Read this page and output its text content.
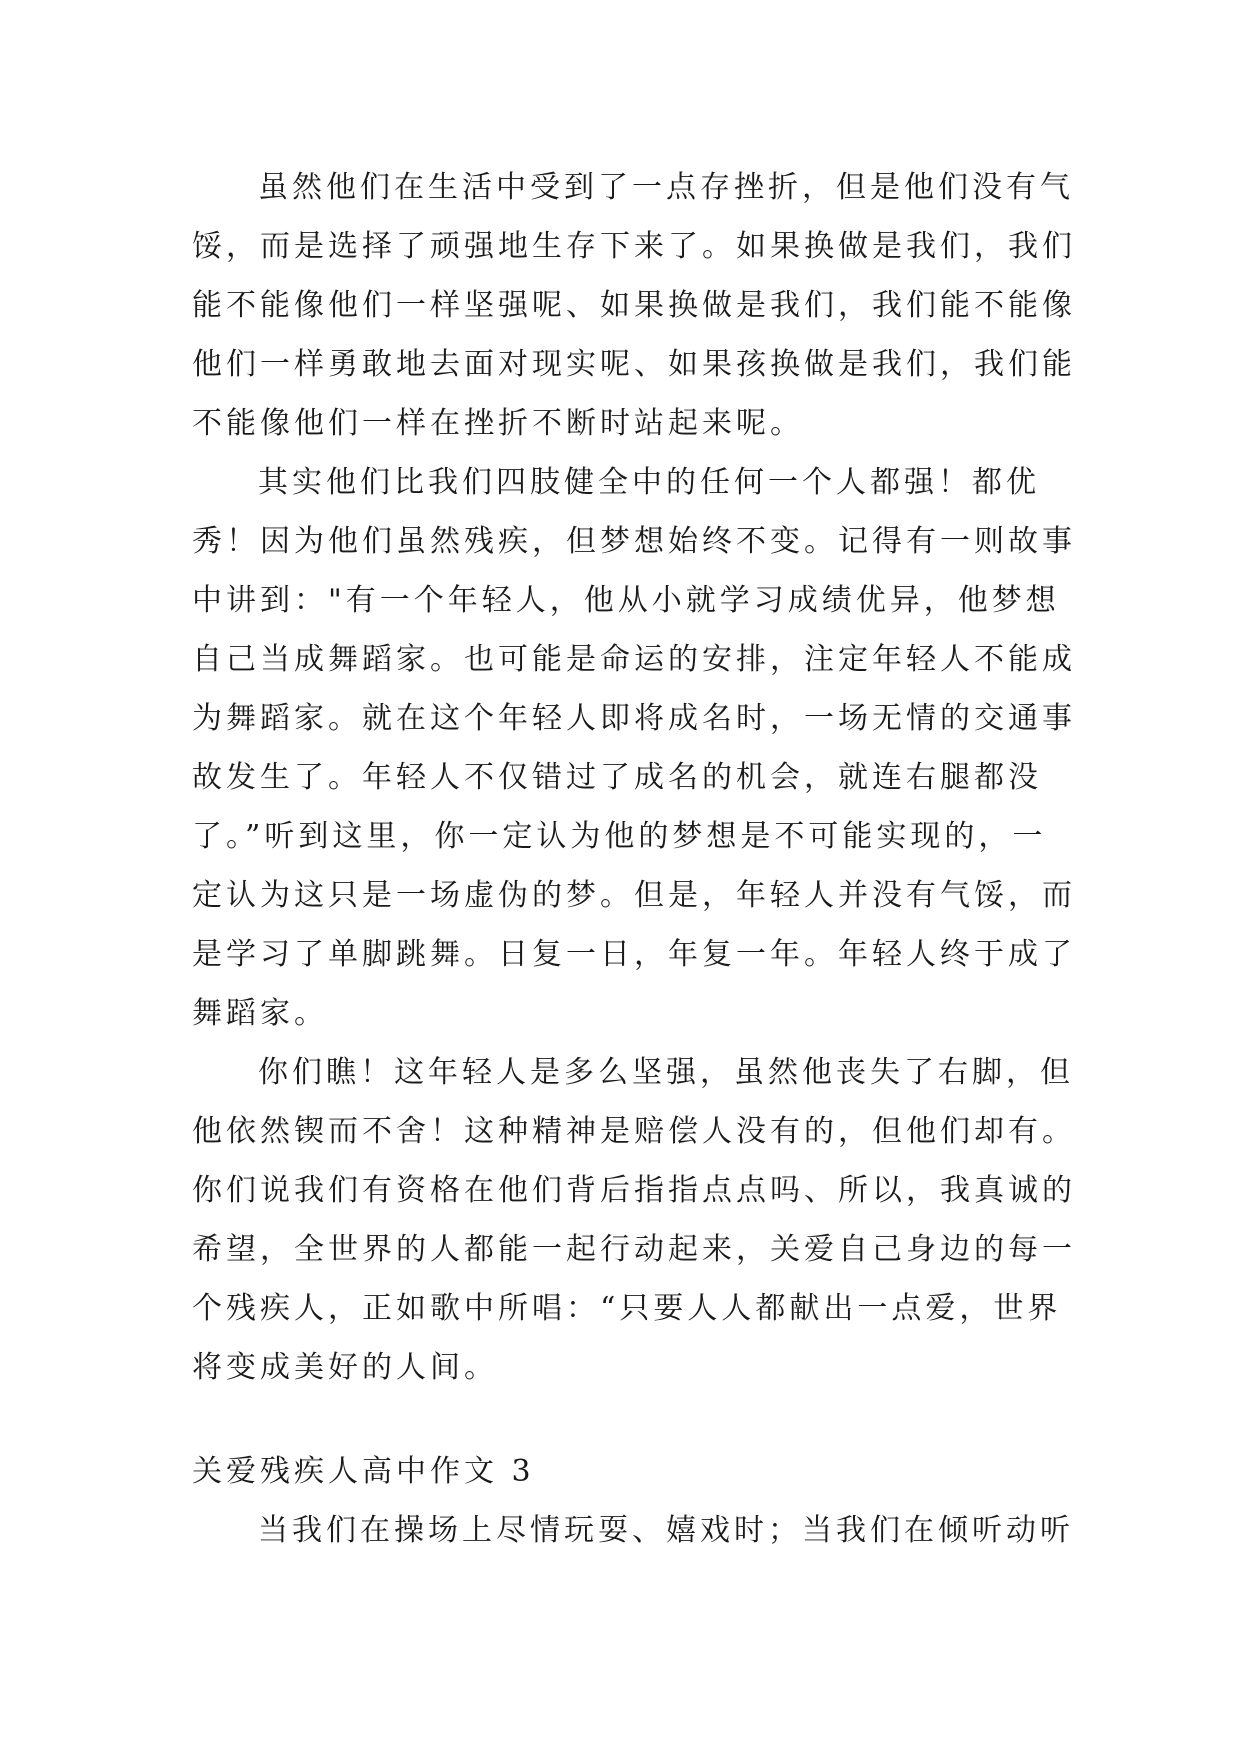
虽然他们在生活中受到了一点存挫折，但是他们没有气
馁，而是选择了顽强地生存下来了。如果换做是我们，我们
能不能像他们一样坚强呢、如果换做是我们，我们能不能像
他们一样勇敢地去面对现实呢、如果孩换做是我们，我们能
不能像他们一样在挫折不断时站起来呢。
其实他们比我们四肢健全中的任何一个人都强！都优
秀！因为他们虽然残疾，但梦想始终不变。记得有一则故事
中讲到："有一个年轻人，他从小就学习成绩优异，他梦想
自己当成舞蹈家。也可能是命运的安排，注定年轻人不能成
为舞蹈家。就在这个年轻人即将成名时，一场无情的交通事
故发生了。年轻人不仅错过了成名的机会，就连右腿都没
了。”听到这里，你一定认为他的梦想是不可能实现的，一
定认为这只是一场虚伪的梦。但是，年轻人并没有气馁，而
是学习了单脚跳舞。日复一日，年复一年。年轻人终于成了
舞蹈家。
你们瞧！这年轻人是多么坚强，虽然他丧失了右脚，但
他依然锲而不舍！这种精神是赔偿人没有的，但他们却有。
你们说我们有资格在他们背后指指点点吗、所以，我真诚的
希望，全世界的人都能一起行动起来，关爱自己身边的每一
个残疾人，正如歌中所唱：“只要人人都献出一点爱，世界
将变成美好的人间。
关爱残疾人高中作文 3
当我们在操场上尽情玩耍、嬉戏时；当我们在倾听动听
